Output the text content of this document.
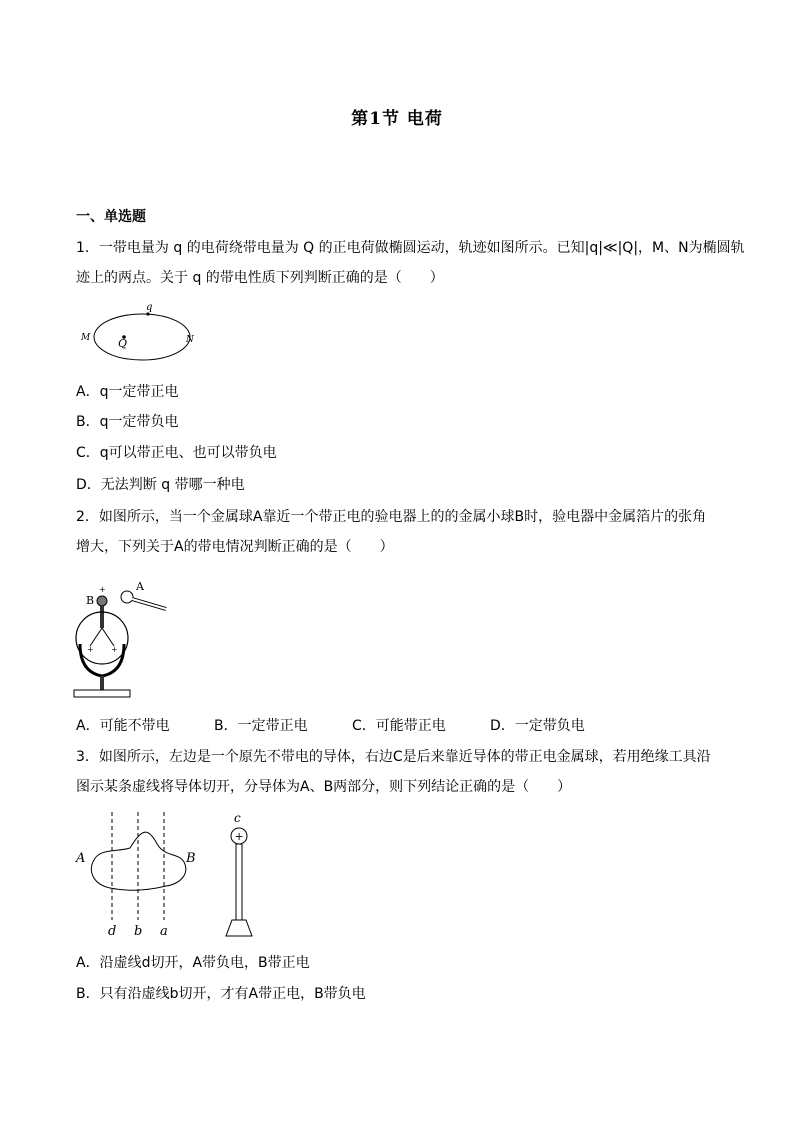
第1节 电荷
一、单选题
1．一带电量为 q 的电荷绕带电量为 Q 的正电荷做椭圆运动，轨迹如图所示。已知|q|≪|Q|，M、N为椭圆轨
迹上的两点。关于 q 的带电性质下列判断正确的是（　　）
q
Q
M	N
A．q一定带正电
B．q一定带负电
C．q可以带正电、也可以带负电
D．无法判断 q 带哪一种电
2．如图所示，当一个金属球A靠近一个带正电的验电器上的的金属小球B时，验电器中金属箔片的张角
增大，下列关于A的带电情况判断正确的是（　　）
A
B
+
+ +
A．可能不带电	B．一定带正电	C．可能带正电	D．一定带负电
3．如图所示，左边是一个原先不带电的导体，右边C是后来靠近导体的带正电金属球，若用绝缘工具沿
图示某条虚线将导体切开，分导体为A、B两部分，则下列结论正确的是（　　）
A	B
d b a
c
+
A．沿虚线d切开，A带负电，B带正电
B．只有沿虚线b切开，才有A带正电，B带负电
